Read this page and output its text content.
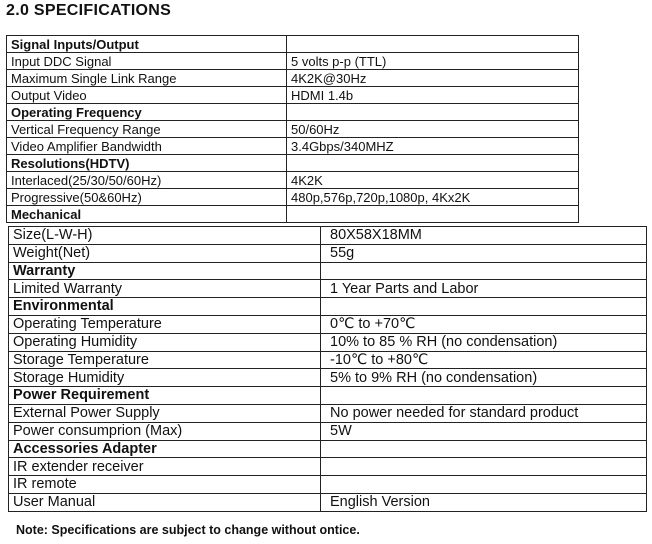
2.0 SPECIFICATIONS
Signal Inputs/Output	
Input DDC Signal	5 volts p-p (TTL)
Maximum Single Link Range	4K2K@30Hz
Output Video	HDMI 1.4b
Operating Frequency	
Vertical Frequency Range	50/60Hz
Video Amplifier Bandwidth	3.4Gbps/340MHZ
Resolutions(HDTV)	
Interlaced(25/30/50/60Hz)	4K2K
Progressive(50&60Hz)	480p,576p,720p,1080p, 4Kx2K
Mechanical	
Size(L-W-H)	80X58X18MM
Weight(Net)	55g
Warranty	
Limited Warranty	1 Year Parts and Labor
Environmental	
Operating Temperature	0℃ to +70℃
Operating Humidity	10% to 85 % RH (no condensation)
Storage Temperature	-10℃ to +80℃
Storage Humidity	5% to 9% RH (no condensation)
Power Requirement	
External Power Supply	No power needed for standard product
Power consumprion (Max)	5W
Accessories Adapter	
IR extender receiver	
IR remote	
User Manual	English Version
Note: Specifications are subject to change without ontice.
